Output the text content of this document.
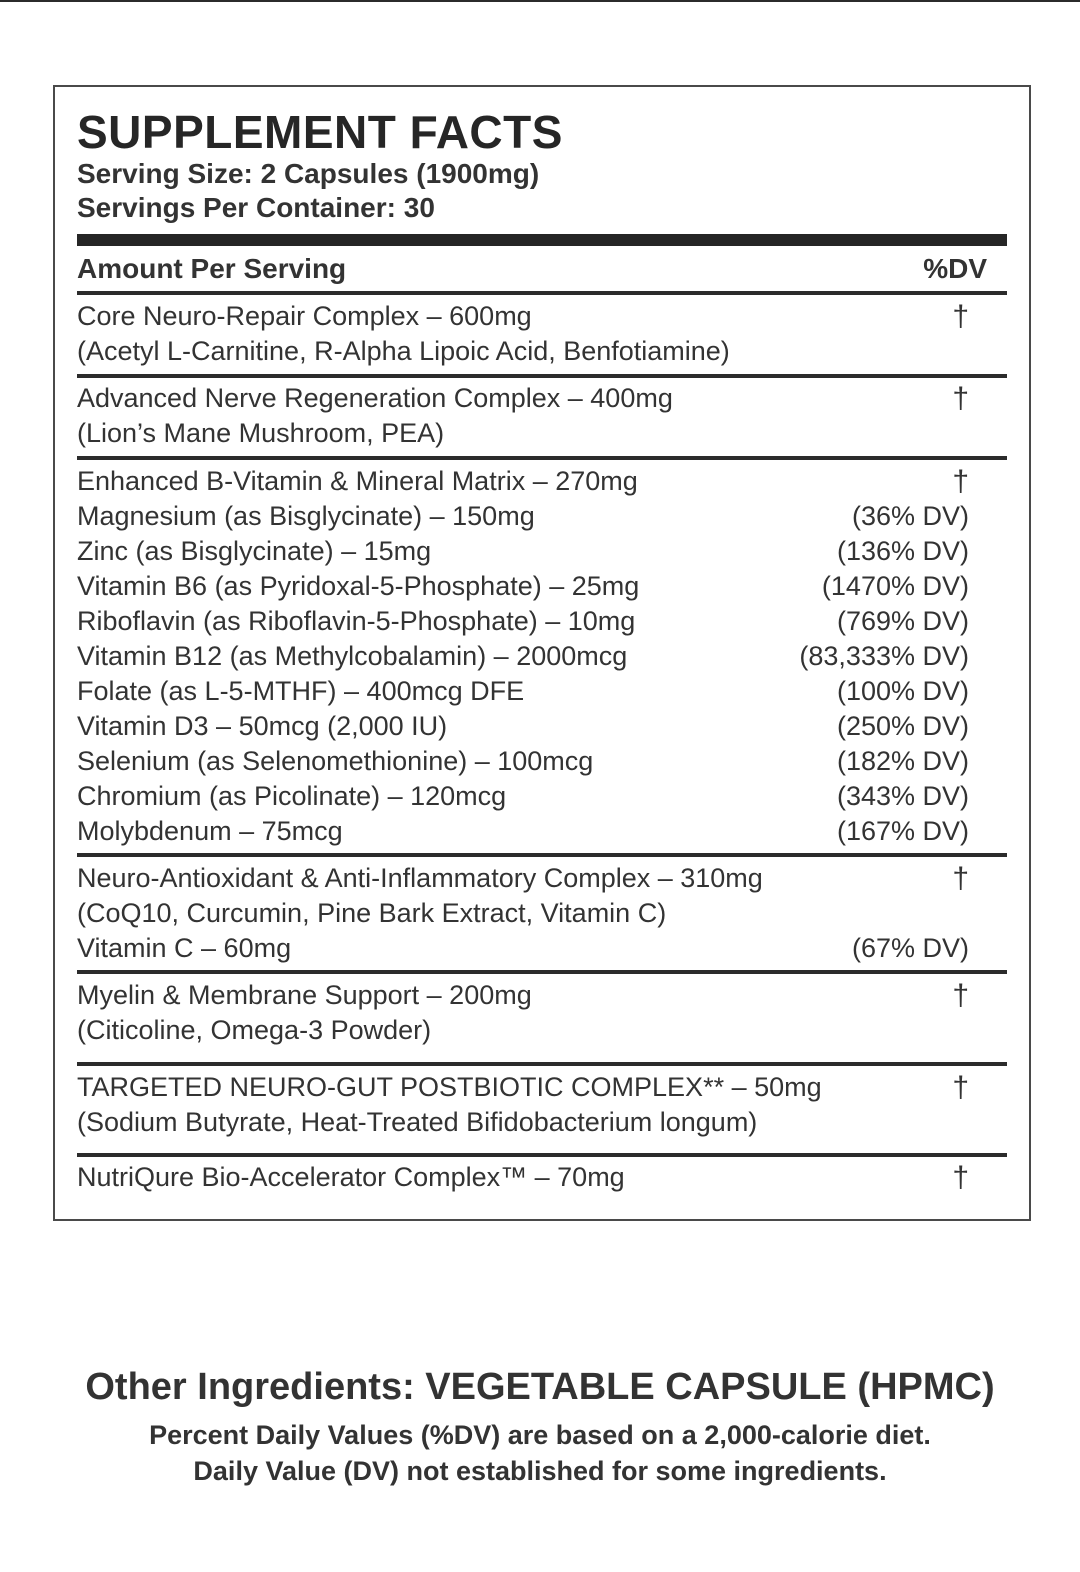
SUPPLEMENT FACTS
Serving Size: 2 Capsules (1900mg)
Servings Per Container: 30
Amount Per Serving	%DV
Core Neuro-Repair Complex – 600mg	†
(Acetyl L-Carnitine, R-Alpha Lipoic Acid, Benfotiamine)
Advanced Nerve Regeneration Complex – 400mg	†
(Lion’s Mane Mushroom, PEA)
Enhanced B-Vitamin & Mineral Matrix – 270mg	†
Magnesium (as Bisglycinate) – 150mg	(36% DV)
Zinc (as Bisglycinate) – 15mg	(136% DV)
Vitamin B6 (as Pyridoxal-5-Phosphate) – 25mg	(1470% DV)
Riboflavin (as Riboflavin-5-Phosphate) – 10mg	(769% DV)
Vitamin B12 (as Methylcobalamin) – 2000mcg	(83,333% DV)
Folate (as L-5-MTHF) – 400mcg DFE	(100% DV)
Vitamin D3 – 50mcg (2,000 IU)	(250% DV)
Selenium (as Selenomethionine) – 100mcg	(182% DV)
Chromium (as Picolinate) – 120mcg	(343% DV)
Molybdenum – 75mcg	(167% DV)
Neuro-Antioxidant & Anti-Inflammatory Complex – 310mg	†
(CoQ10, Curcumin, Pine Bark Extract, Vitamin C)
Vitamin C – 60mg	(67% DV)
Myelin & Membrane Support – 200mg	†
(Citicoline, Omega-3 Powder)
TARGETED NEURO-GUT POSTBIOTIC COMPLEX** – 50mg	†
(Sodium Butyrate, Heat-Treated Bifidobacterium longum)
NutriQure Bio-Accelerator Complex™ – 70mg	†
Other Ingredients: VEGETABLE CAPSULE (HPMC)
Percent Daily Values (%DV) are based on a 2,000-calorie diet.
Daily Value (DV) not established for some ingredients.
